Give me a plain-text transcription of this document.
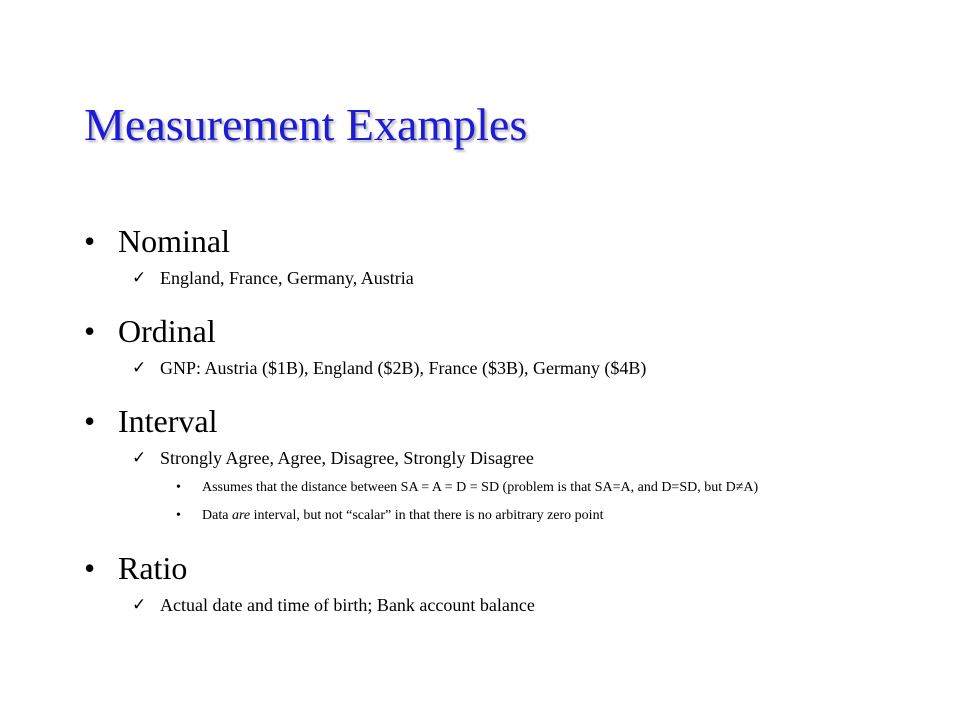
Measurement Examples
• Nominal
✓ England, France, Germany, Austria
• Ordinal
✓ GNP: Austria ($1B), England ($2B), France ($3B), Germany ($4B)
• Interval
✓ Strongly Agree, Agree, Disagree, Strongly Disagree
• Assumes that the distance between SA = A = D = SD (problem is that SA=A, and D=SD, but D≠A)
• Data are interval, but not “scalar” in that there is no arbitrary zero point
• Ratio
✓ Actual date and time of birth; Bank account balance
